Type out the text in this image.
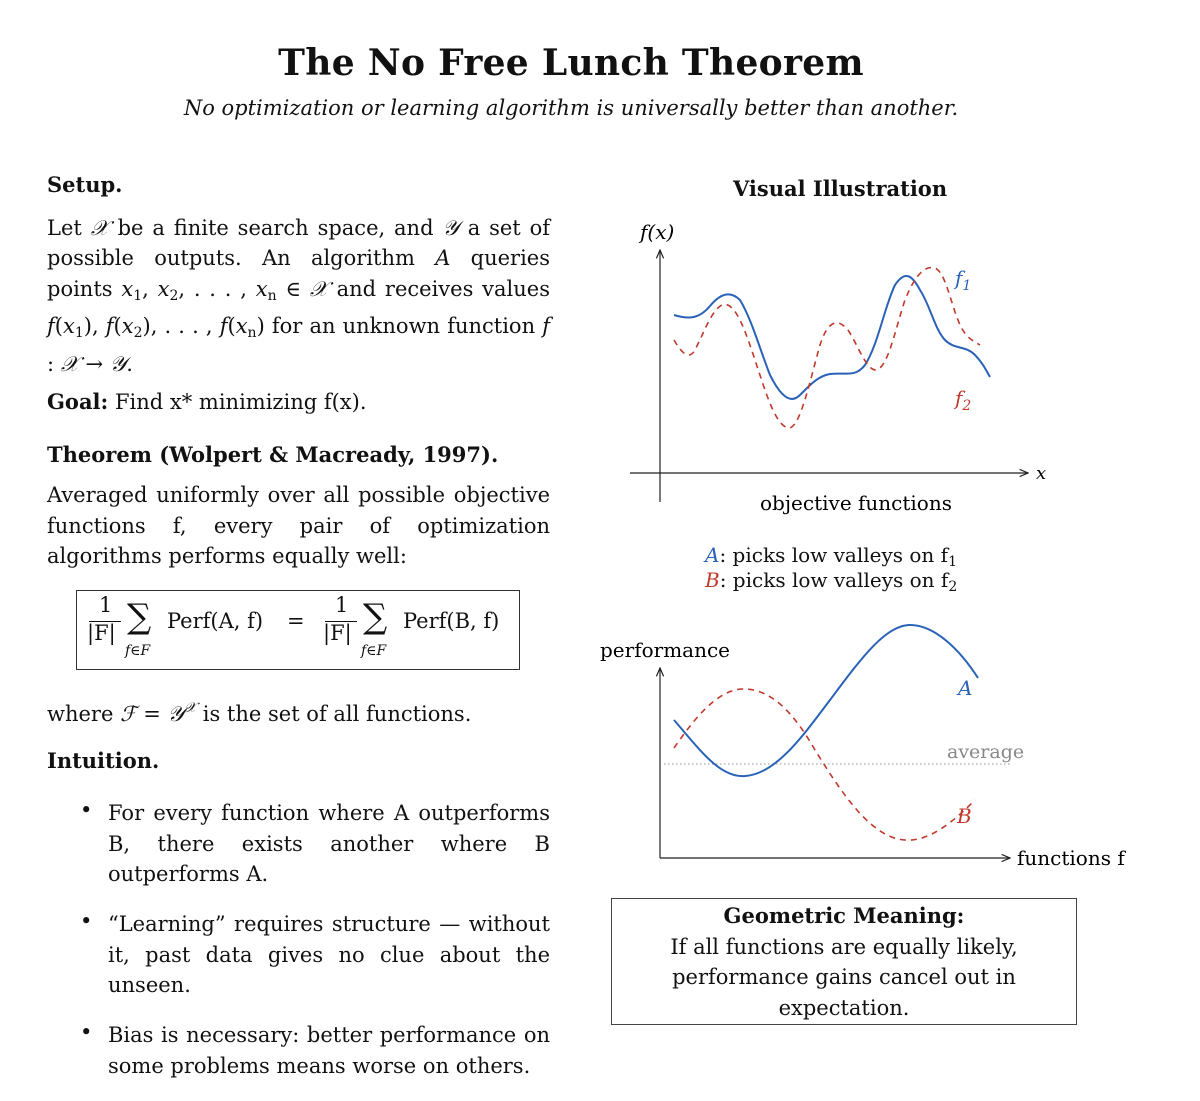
The No Free Lunch Theorem
No optimization or learning algorithm is universally better than another.
Setup.
Let 𝒳 be a finite search space, and 𝒴 a set of possible outputs. An algorithm A queries points $x_1$, $x_2$, . . . , $x_n$ ∈ 𝒳 and receives values $f(x_1)$, $f(x_2)$, . . . , $f(x_n)$ for an unknown function f : 𝒳 → 𝒴.
Goal: Find x* minimizing f(x).
Theorem (Wolpert & Macready, 1997).
Averaged uniformly over all possible objective functions f, every pair of optimization algorithms performs equally well:
1
|F| ∑
f∈F
Perf(A, f) =
1
|F| ∑
f∈F
Perf(B, f)
where ℱ = 𝒴$^𝒳$ is the set of all functions.
Intuition.
• For every function where A outperforms B, there exists another where B outperforms A.
• “Learning” requires structure — without it, past data gives no clue about the unseen.
• Bias is necessary: better performance on some problems means worse on others.
Visual Illustration
f(x)
x
objective functions
$f_1$
$f_2$
performance
functions f
average
A
B
A: picks low valleys on $f_1$
B: picks low valleys on $f_2$
Geometric Meaning:
If all functions are equally likely,
performance gains cancel out in
expectation.
